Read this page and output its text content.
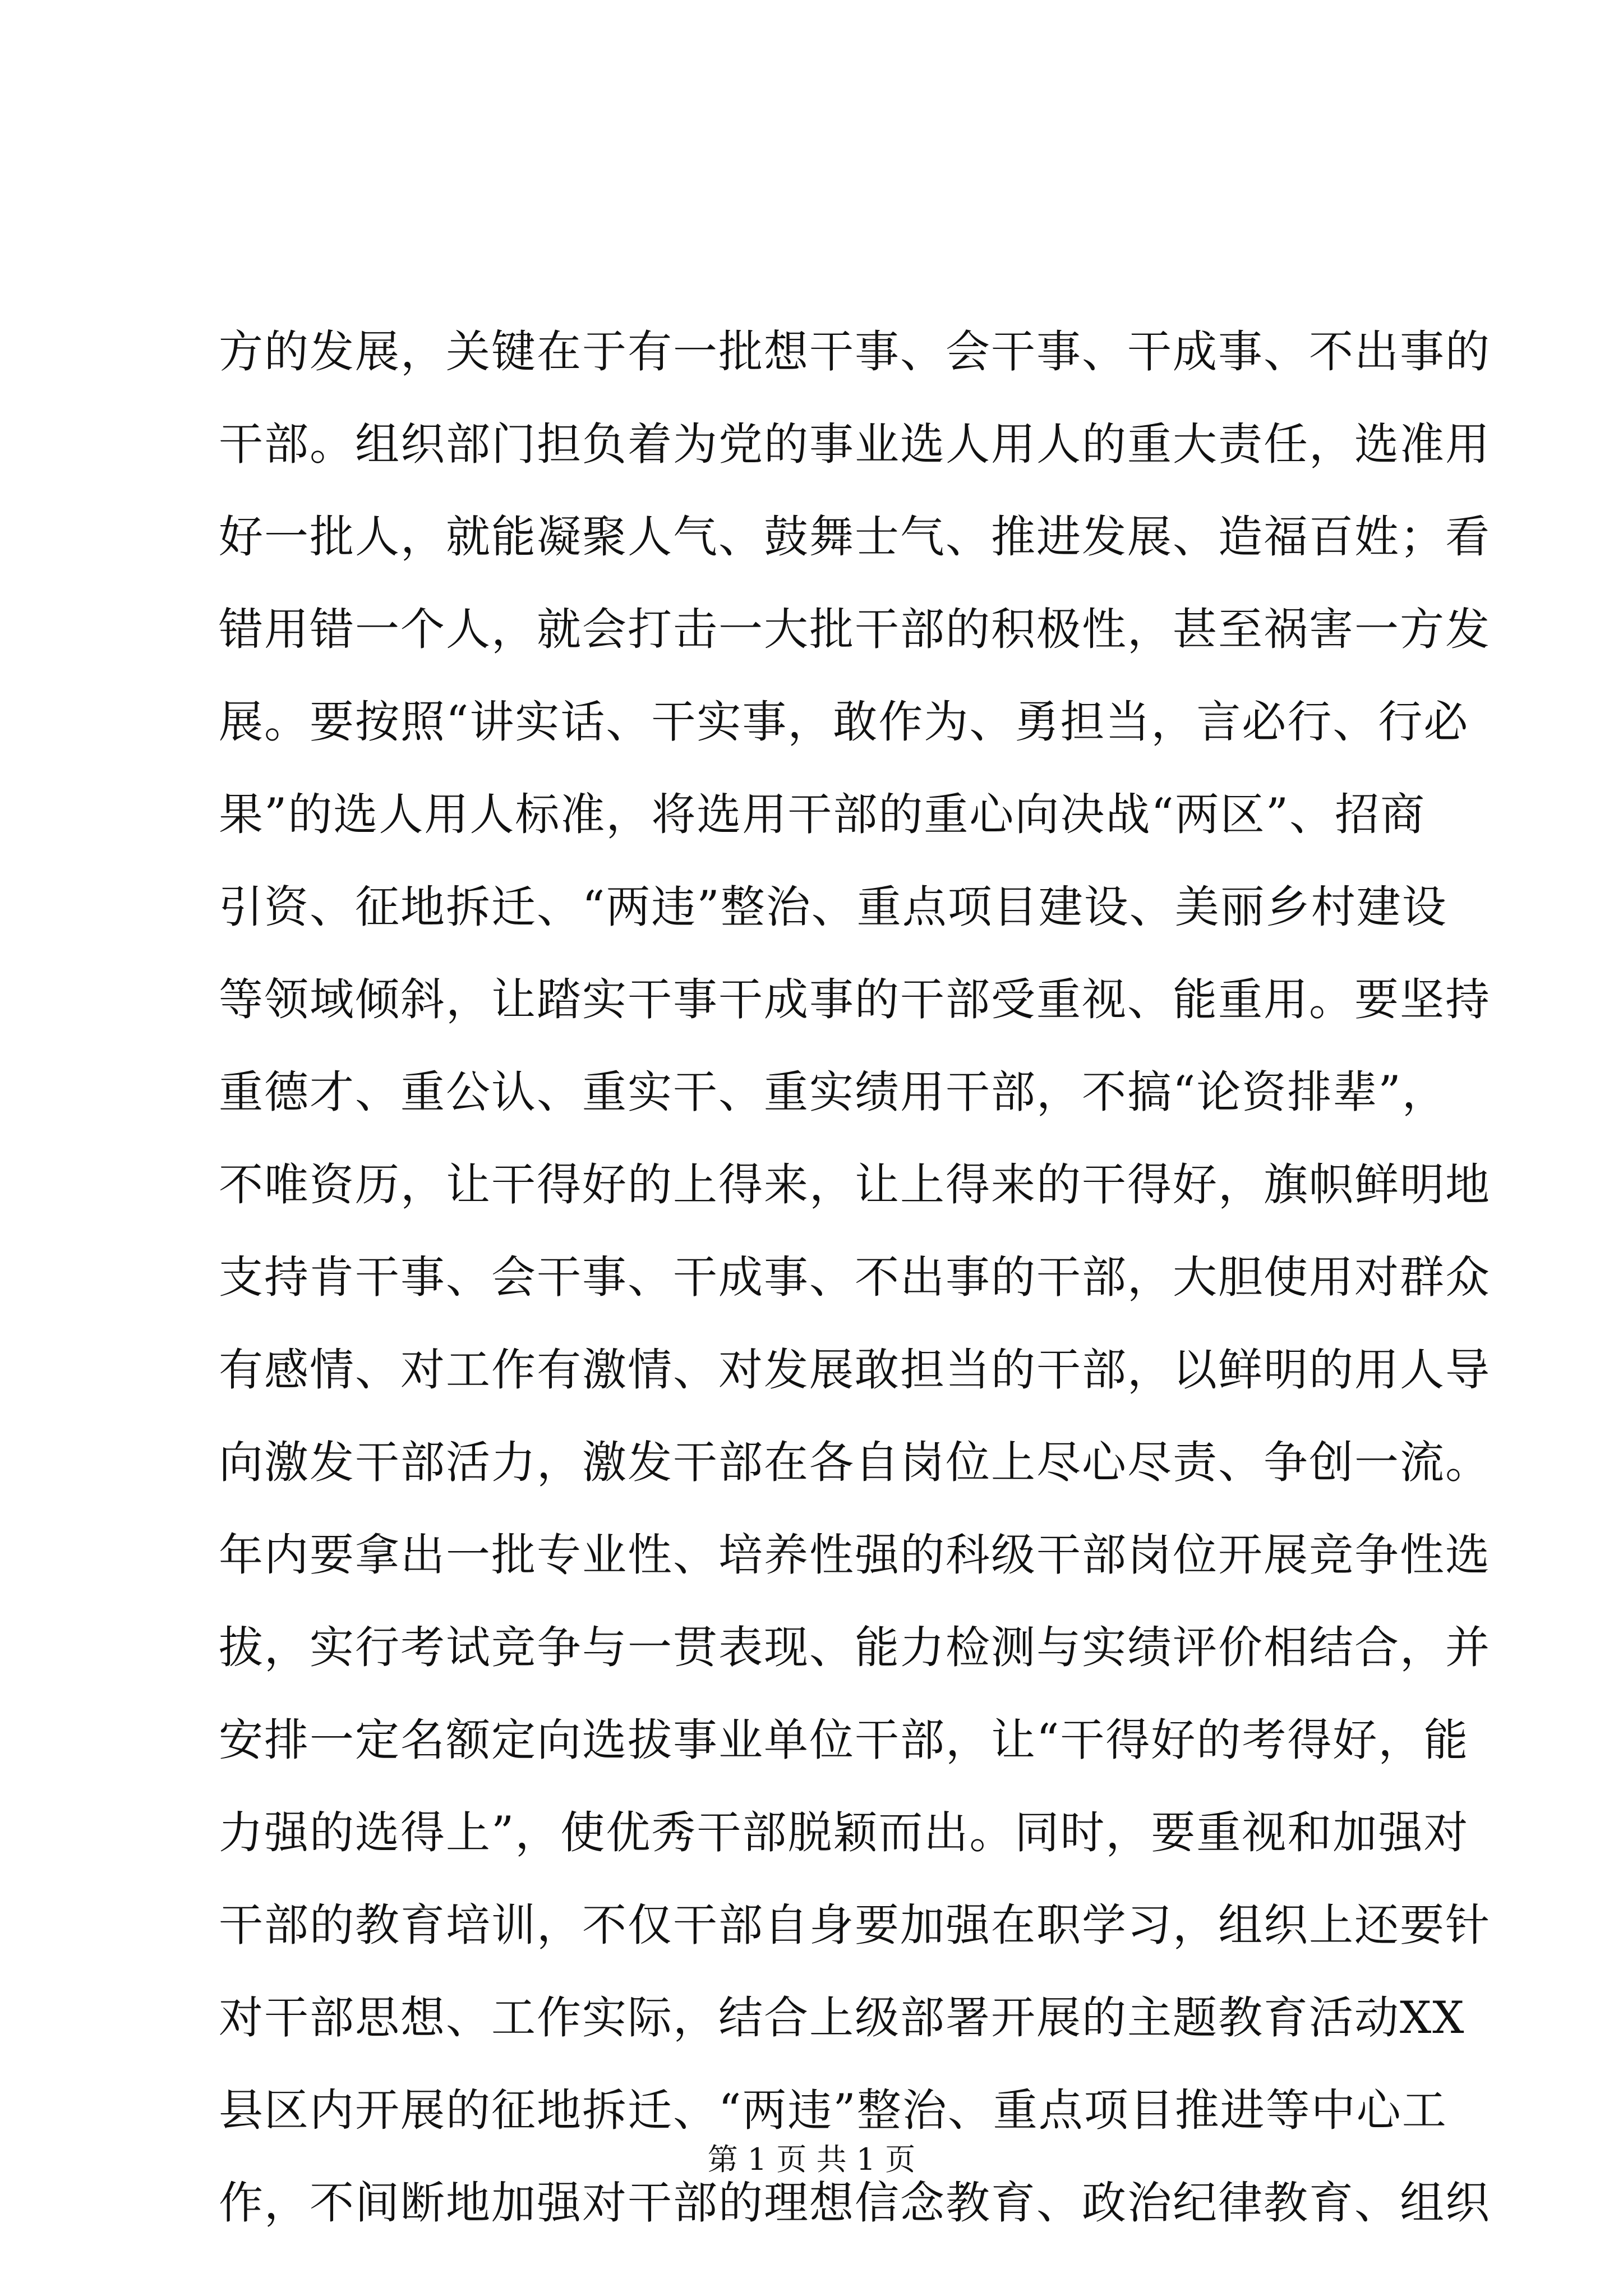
方的发展，关键在于有一批想干事、会干事、干成事、不出事的
干部。组织部门担负着为党的事业选人用人的重大责任，选准用
好一批人，就能凝聚人气、鼓舞士气、推进发展、造福百姓；看
错用错一个人，就会打击一大批干部的积极性，甚至祸害一方发
展。要按照“讲实话、干实事，敢作为、勇担当，言必行、行必
果”的选人用人标准，将选用干部的重心向决战“两区”、招商
引资、征地拆迁、“两违”整治、重点项目建设、美丽乡村建设
等领域倾斜，让踏实干事干成事的干部受重视、能重用。要坚持
重德才、重公认、重实干、重实绩用干部，不搞“论资排辈”，
不唯资历，让干得好的上得来，让上得来的干得好，旗帜鲜明地
支持肯干事、会干事、干成事、不出事的干部，大胆使用对群众
有感情、对工作有激情、对发展敢担当的干部，以鲜明的用人导
向激发干部活力，激发干部在各自岗位上尽心尽责、争创一流。
年内要拿出一批专业性、培养性强的科级干部岗位开展竞争性选
拔，实行考试竞争与一贯表现、能力检测与实绩评价相结合，并
安排一定名额定向选拔事业单位干部，让“干得好的考得好，能
力强的选得上”，使优秀干部脱颖而出。同时，要重视和加强对
干部的教育培训，不仅干部自身要加强在职学习，组织上还要针
对干部思想、工作实际，结合上级部署开展的主题教育活动XX
县区内开展的征地拆迁、“两违”整治、重点项目推进等中心工
作，不间断地加强对干部的理想信念教育、政治纪律教育、组织
第 1 页 共 1 页
